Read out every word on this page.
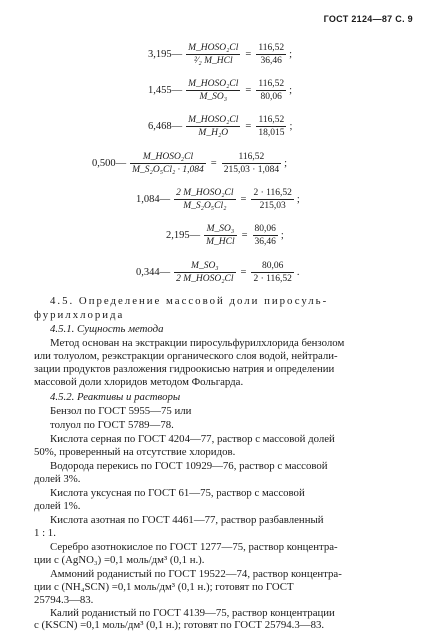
ГОСТ 2124—87 С. 9
3,195— $\frac{\text{M\_HOSO₂Cl}}{\text{²⁄₂ M\_HCl}} = \frac{116,52}{36,46}$ ;
1,455— $\frac{\text{M\_HOSO₂Cl}}{\text{M\_SO₃}} = \frac{116,52}{80,06}$ ;
6,468— $\frac{\text{M\_HOSO₂Cl}}{\text{M\_H₂O}} = \frac{116,52}{18,015}$ ;
0,500— $\frac{\text{M\_HOSO₂Cl}}{\text{M\_S₂O₅Cl₂ · 1,084}} = \frac{116,52}{215,03 \cdot 1,084}$ ;
1,084— $\frac{\text{2 M\_HOSO₂Cl}}{\text{M\_S₂O₅Cl₂}} = \frac{2 \cdot 116,52}{215,03}$ ;
2,195— $\frac{\text{M\_SO₃}}{\text{M\_HCl}} = \frac{80,06}{36,46}$ ;
0,344— $\frac{\text{M\_SO₃}}{\text{2 M\_HOSO₂Cl}} = \frac{80,06}{2 \cdot 116,52}$ .
4.5. Определение массовой доли пиросуль-
фурилхлорида
4.5.1. Сущность метода
Метод основан на экстракции пиросульфурилхлорида бензолом
или толуолом, реэкстракции органического слоя водой, нейтрали-
зации продуктов разложения гидроокисью натрия и определении
массовой доли хлоридов методом Фольгарда.
4.5.2. Реактивы и растворы
Бензол по ГОСТ 5955—75 или
толуол по ГОСТ 5789—78.
Кислота серная по ГОСТ 4204—77, раствор с массовой долей
50%, проверенный на отсутствие хлоридов.
Водорода перекись по ГОСТ 10929—76, раствор с массовой
долей 3%.
Кислота уксусная по ГОСТ 61—75, раствор с массовой
долей 1%.
Кислота азотная по ГОСТ 4461—77, раствор разбавленный
1 : 1.
Серебро азотнокислое по ГОСТ 1277—75, раствор концентра-
ции c (AgNO₃) =0,1 моль/дм³ (0,1 н.).
Аммоний роданистый по ГОСТ 19522—74, раствор концентра-
ции c (NH₄SCN) =0,1 моль/дм³ (0,1 н.); готовят по ГОСТ
25794.3—83.
Калий роданистый по ГОСТ 4139—75, раствор концентрации
c (KSCN) =0,1 моль/дм³ (0,1 н.); готовят по ГОСТ 25794.3—83.
